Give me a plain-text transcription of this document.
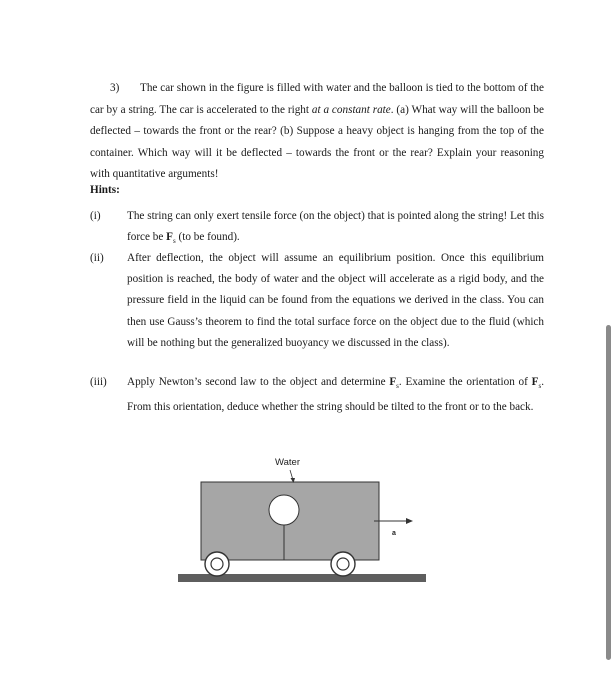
3) The car shown in the figure is filled with water and the balloon is tied to the bottom of the car by a string. The car is accelerated to the right at a constant rate. (a) What way will the balloon be deflected – towards the front or the rear? (b) Suppose a heavy object is hanging from the top of the container. Which way will it be deflected – towards the front or the rear? Explain your reasoning with quantitative arguments!
Hints:
(i) The string can only exert tensile force (on the object) that is pointed along the string! Let this force be $F_s$ (to be found).
(ii) After deflection, the object will assume an equilibrium position. Once this equilibrium position is reached, the body of water and the object will accelerate as a rigid body, and the pressure field in the liquid can be found from the equations we derived in the class. You can then use Gauss’s theorem to find the total surface force on the object due to the fluid (which will be nothing but the generalized buoyancy we discussed in the class).
(iii) Apply Newton’s second law to the object and determine $F_s$. Examine the orientation of $F_s$. From this orientation, deduce whether the string should be tilted to the front or to the back.
Water
a
